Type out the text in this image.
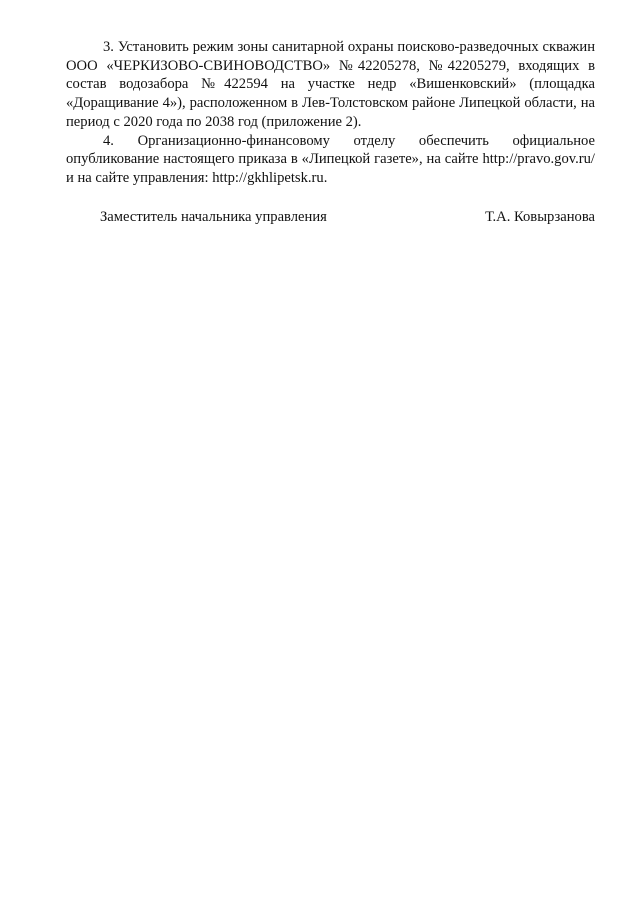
3. Установить режим зоны санитарной охраны поисково-разведочных скважин ООО «ЧЕРКИЗОВО-СВИНОВОДСТВО» №42205278, №42205279, входящих в состав водозабора №422594 на участке недр «Вишенковский» (площадка «Доращивание 4»), расположенном в Лев-Толстовском районе Липецкой области, на период с 2020 года по 2038 год (приложение 2).

4. Организационно-финансовому отделу обеспечить официальное опубликование настоящего приказа в «Липецкой газете», на сайте http://pravo.gov.ru/ и на сайте управления: http://gkhlipetsk.ru.

Заместитель начальника управления	Т.А. Ковырзанова
